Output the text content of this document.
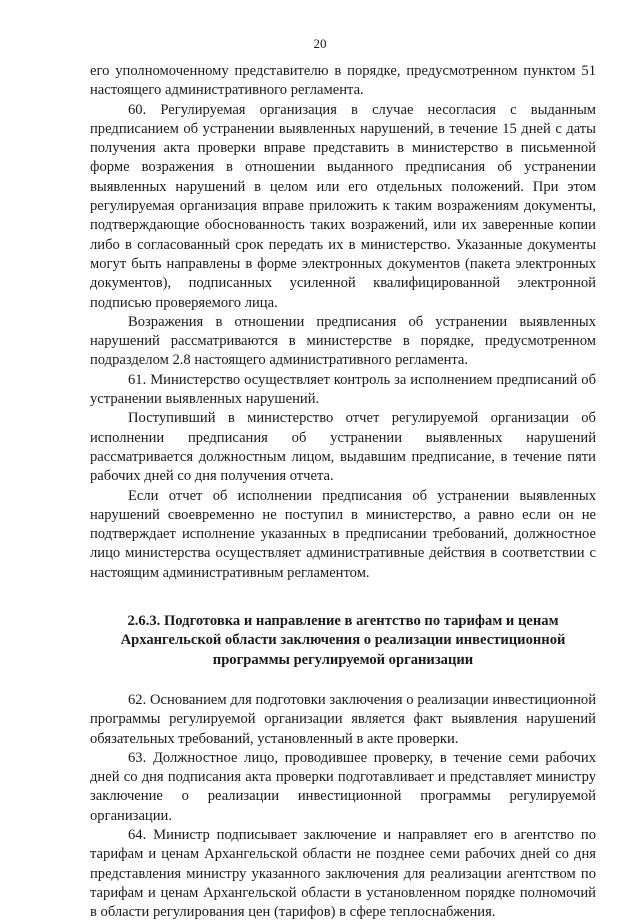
20

его уполномоченному представителю в порядке, предусмотренном пунктом 51 настоящего административного регламента.

60. Регулируемая организация в случае несогласия с выданным предписанием об устранении выявленных нарушений, в течение 15 дней с даты получения акта проверки вправе представить в министерство в письменной форме возражения в отношении выданного предписания об устранении выявленных нарушений в целом или его отдельных положений. При этом регулируемая организация вправе приложить к таким возражениям документы, подтверждающие обоснованность таких возражений, или их заверенные копии либо в согласованный срок передать их в министерство. Указанные документы могут быть направлены в форме электронных документов (пакета электронных документов), подписанных усиленной квалифицированной электронной подписью проверяемого лица.

Возражения в отношении предписания об устранении выявленных нарушений рассматриваются в министерстве в порядке, предусмотренном подразделом 2.8 настоящего административного регламента.

61. Министерство осуществляет контроль за исполнением предписаний об устранении выявленных нарушений.

Поступивший в министерство отчет регулируемой организации об исполнении предписания об устранении выявленных нарушений рассматривается должностным лицом, выдавшим предписание, в течение пяти рабочих дней со дня получения отчета.

Если отчет об исполнении предписания об устранении выявленных нарушений своевременно не поступил в министерство, а равно если он не подтверждает исполнение указанных в предписании требований, должностное лицо министерства осуществляет административные действия в соответствии с настоящим административным регламентом.

2.6.3. Подготовка и направление в агентство по тарифам и ценам
Архангельской области заключения о реализации инвестиционной
программы регулируемой организации

62. Основанием для подготовки заключения о реализации инвестиционной программы регулируемой организации является факт выявления нарушений обязательных требований, установленный в акте проверки.

63. Должностное лицо, проводившее проверку, в течение семи рабочих дней со дня подписания акта проверки подготавливает и представляет министру заключение о реализации инвестиционной программы регулируемой организации.

64. Министр подписывает заключение и направляет его в агентство по тарифам и ценам Архангельской области не позднее семи рабочих дней со дня представления министру указанного заключения для реализации агентством по тарифам и ценам Архангельской области в установленном порядке полномочий в области регулирования цен (тарифов) в сфере теплоснабжения.
